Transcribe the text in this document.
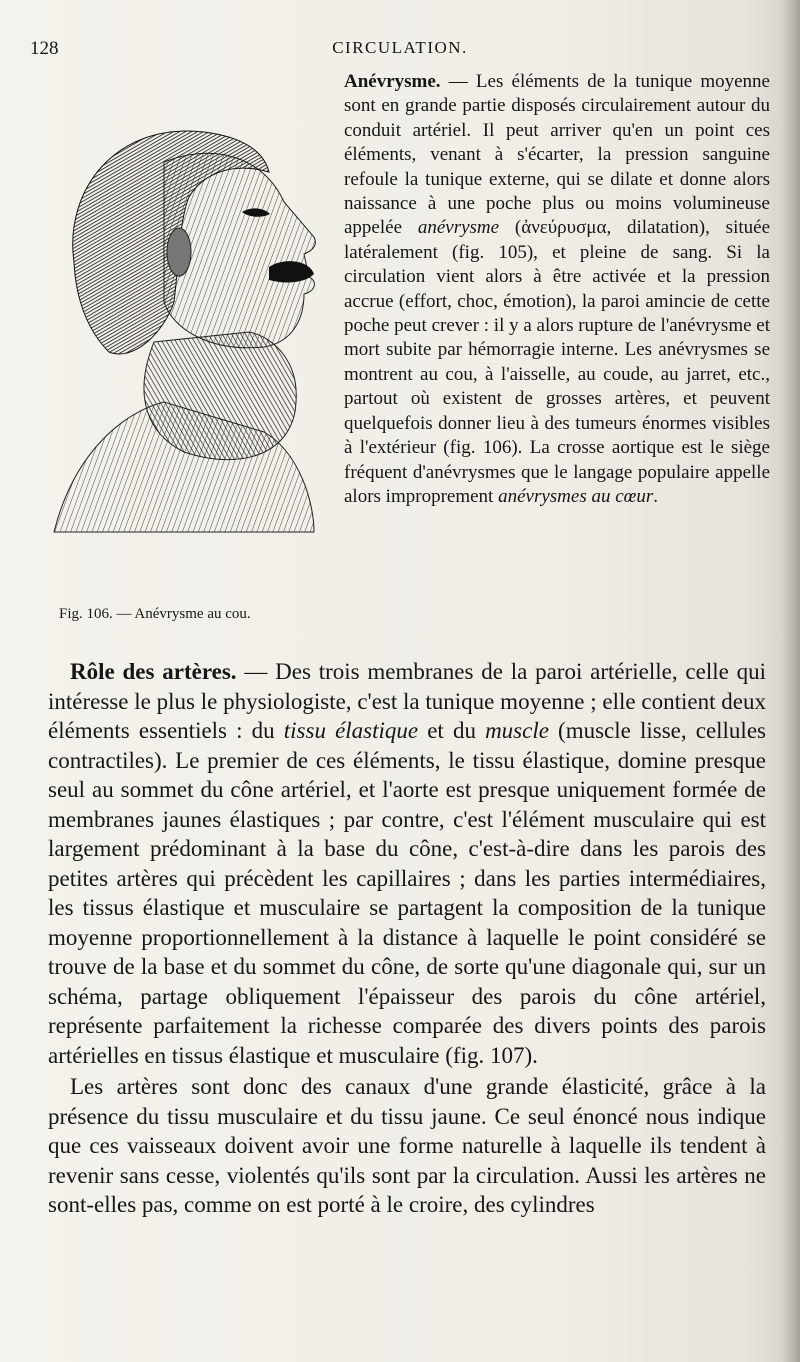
128	CIRCULATION.
Fig. 106. — Anévrysme au cou.
Anévrysme. — Les éléments de la tunique moyenne sont en grande partie disposés circulairement autour du conduit artériel. Il peut arriver qu'en un point ces éléments, venant à s'écarter, la pression sanguine refoule la tunique externe, qui se dilate et donne alors naissance à une poche plus ou moins volumineuse appelée anévrysme (ἀνεύρυσμα, dilatation), située latéralement (fig. 105), et pleine de sang. Si la circulation vient alors à être activée et la pression accrue (effort, choc, émotion), la paroi amincie de cette poche peut crever : il y a alors rupture de l'anévrysme et mort subite par hémorragie interne. Les anévrysmes se montrent au cou, à l'aisselle, au coude, au jarret, etc., partout où existent de grosses artères, et peuvent quelquefois donner lieu à des tumeurs énormes visibles à l'extérieur (fig. 106). La crosse aortique est le siège fréquent d'anévrysmes que le langage populaire appelle alors improprement anévrysmes au cœur.

Rôle des artères. — Des trois membranes de la paroi artérielle, celle qui intéresse le plus le physiologiste, c'est la tunique moyenne ; elle contient deux éléments essentiels : du tissu élastique et du muscle (muscle lisse, cellules contractiles). Le premier de ces éléments, le tissu élastique, domine presque seul au sommet du cône artériel, et l'aorte est presque uniquement formée de membranes jaunes élastiques ; par contre, c'est l'élément musculaire qui est largement prédominant à la base du cône, c'est-à-dire dans les parois des petites artères qui précèdent les capillaires ; dans les parties intermédiaires, les tissus élastique et musculaire se partagent la composition de la tunique moyenne proportionnellement à la distance à laquelle le point considéré se trouve de la base et du sommet du cône, de sorte qu'une diagonale qui, sur un schéma, partage obliquement l'épaisseur des parois du cône artériel, représente parfaitement la richesse comparée des divers points des parois artérielles en tissus élastique et musculaire (fig. 107).

Les artères sont donc des canaux d'une grande élasticité, grâce à la présence du tissu musculaire et du tissu jaune. Ce seul énoncé nous indique que ces vaisseaux doivent avoir une forme naturelle à laquelle ils tendent à revenir sans cesse, violentés qu'ils sont par la circulation. Aussi les artères ne sont-elles pas, comme on est porté à le croire, des cylindres
